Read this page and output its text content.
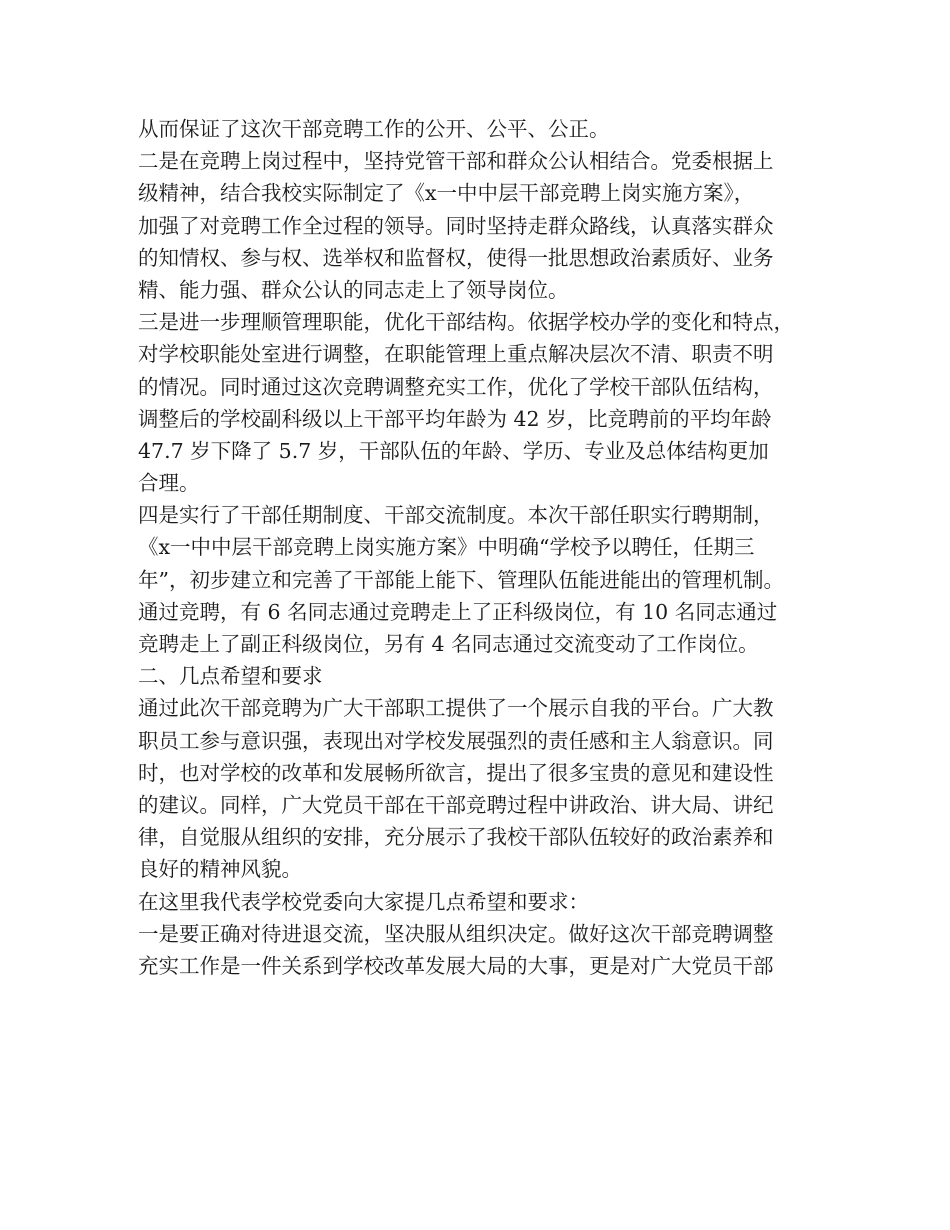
从而保证了这次干部竞聘工作的公开、公平、公正。
二是在竞聘上岗过程中，坚持党管干部和群众公认相结合。党委根据上
级精神，结合我校实际制定了《x一中中层干部竞聘上岗实施方案》，
加强了对竞聘工作全过程的领导。同时坚持走群众路线，认真落实群众
的知情权、参与权、选举权和监督权，使得一批思想政治素质好、业务
精、能力强、群众公认的同志走上了领导岗位。
三是进一步理顺管理职能，优化干部结构。依据学校办学的变化和特点，
对学校职能处室进行调整，在职能管理上重点解决层次不清、职责不明
的情况。同时通过这次竞聘调整充实工作，优化了学校干部队伍结构，
调整后的学校副科级以上干部平均年龄为 42 岁，比竞聘前的平均年龄
47.7 岁下降了 5.7 岁，干部队伍的年龄、学历、专业及总体结构更加
合理。
四是实行了干部任期制度、干部交流制度。本次干部任职实行聘期制，
《x一中中层干部竞聘上岗实施方案》中明确“学校予以聘任，任期三
年”，初步建立和完善了干部能上能下、管理队伍能进能出的管理机制。
通过竞聘，有 6 名同志通过竞聘走上了正科级岗位，有 10 名同志通过
竞聘走上了副正科级岗位，另有 4 名同志通过交流变动了工作岗位。
二、几点希望和要求
通过此次干部竞聘为广大干部职工提供了一个展示自我的平台。广大教
职员工参与意识强，表现出对学校发展强烈的责任感和主人翁意识。同
时，也对学校的改革和发展畅所欲言，提出了很多宝贵的意见和建设性
的建议。同样，广大党员干部在干部竞聘过程中讲政治、讲大局、讲纪
律，自觉服从组织的安排，充分展示了我校干部队伍较好的政治素养和
良好的精神风貌。
在这里我代表学校党委向大家提几点希望和要求：
一是要正确对待进退交流，坚决服从组织决定。做好这次干部竞聘调整
充实工作是一件关系到学校改革发展大局的大事，更是对广大党员干部
